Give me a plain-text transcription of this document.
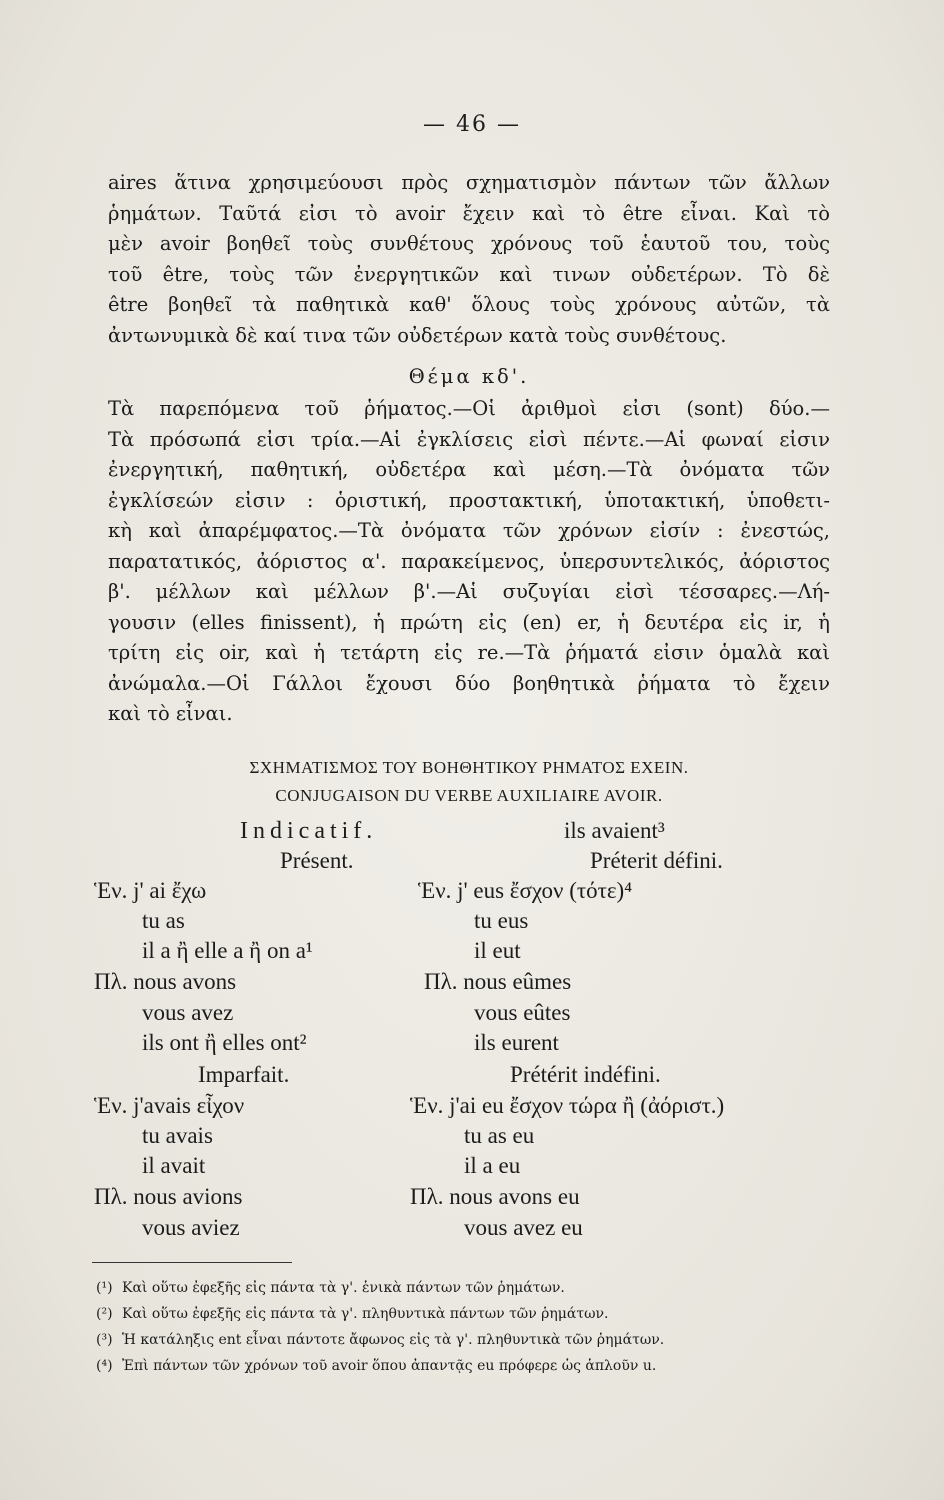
— 46 —
aires ἅτινα χρησιμεύουσι πρὸς σχηματισμὸν πάντων τῶν ἄλλων
ῥημάτων. Ταῦτά εἰσι τὸ avoir ἔχειν καὶ τὸ être εἶναι. Καὶ τὸ
μὲν avoir βοηθεῖ τοὺς συνθέτους χρόνους τοῦ ἑαυτοῦ του, τοὺς
τοῦ être, τοὺς τῶν ἐνεργητικῶν καὶ τινων οὐδετέρων. Τὸ δὲ
être βοηθεῖ τὰ παθητικὰ καθ' ὅλους τοὺς χρόνους αὐτῶν, τὰ
ἀντωνυμικὰ δὲ καί τινα τῶν οὐδετέρων κατὰ τοὺς συνθέτους.
Θέμα κδ'.
Τὰ παρεπόμενα τοῦ ῥήματος.—Οἱ ἀριθμοὶ εἰσι (sont) δύο.—
Τὰ πρόσωπά εἰσι τρία.—Αἱ ἐγκλίσεις εἰσὶ πέντε.—Αἱ φωναί εἰσιν
ἐνεργητική, παθητική, οὐδετέρα καὶ μέση.—Τὰ ὀνόματα τῶν
ἐγκλίσεών εἰσιν : ὁριστική, προστακτική, ὑποτακτική, ὑποθετι-
κὴ καὶ ἀπαρέμφατος.—Τὰ ὀνόματα τῶν χρόνων εἰσίν : ἐνεστώς,
παρατατικός, ἀόριστος α'. παρακείμενος, ὑπερσυντελικός, ἀόριστος
β'. μέλλων καὶ μέλλων β'.—Αἱ συζυγίαι εἰσὶ τέσσαρες.—Λή-
γουσιν (elles finissent), ἡ πρώτη εἰς (en) er, ἡ δευτέρα εἰς ir, ἡ
τρίτη εἰς oir, καὶ ἡ τετάρτη εἰς re.—Τὰ ῥήματά εἰσιν ὁμαλὰ καὶ
ἀνώμαλα.—Οἱ Γάλλοι ἔχουσι δύο βοηθητικὰ ῥήματα τὸ ἔχειν
καὶ τὸ εἶναι.
ΣΧΗΜΑΤΙΣΜΟΣ ΤΟΥ ΒΟΗΘΗΤΙΚΟΥ ΡΗΜΑΤΟΣ ΕΧΕΙΝ.
CONJUGAISON DU VERBE AUXILIAIRE AVOIR.
Indicatif.
Présent.
Ἑν. j' ai ἔχω
tu as
il a ἢ elle a ἢ on a¹
Πλ. nous avons
vous avez
ils ont ἢ elles ont²
Imparfait.
Ἑν. j'avais εἶχον
tu avais
il avait
Πλ. nous avions
vous aviez
ils avaient³
Préterit défini.
Ἑν. j' eus ἔσχον (τότε)⁴
tu eus
il eut
Πλ. nous eûmes
vous eûtes
ils eurent
Prétérit indéfini.
Ἑν. j'ai eu ἔσχον τώρα ἢ (ἀόριστ.)
tu as eu
il a eu
Πλ. nous avons eu
vous avez eu
(¹) Καὶ οὕτω ἐφεξῆς εἰς πάντα τὰ γ'. ἑνικὰ πάντων τῶν ῥημάτων.
(²) Καὶ οὕτω ἐφεξῆς εἰς πάντα τὰ γ'. πληθυντικὰ πάντων τῶν ῥημάτων.
(³) Ἡ κατάληξις ent εἶναι πάντοτε ἄφωνος εἰς τὰ γ'. πληθυντικὰ τῶν ῥημάτων.
(⁴) Ἐπὶ πάντων τῶν χρόνων τοῦ avoir ὅπου ἀπαντᾷς eu πρόφερε ὡς ἁπλοῦν u.
